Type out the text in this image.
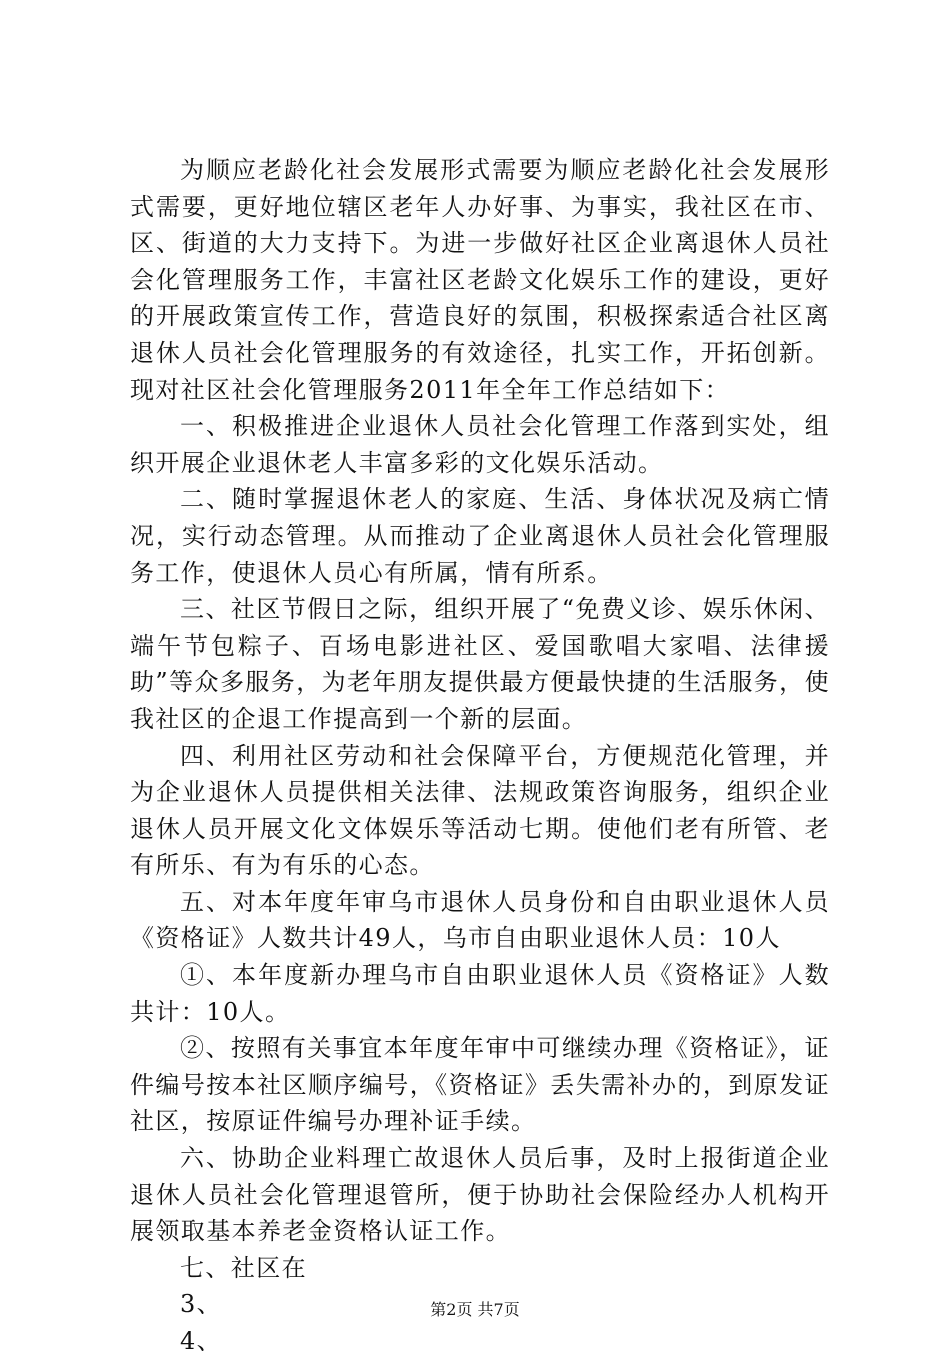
为顺应老龄化社会发展形式需要为顺应老龄化社会发展形式需要，更好地位辖区老年人办好事、为事实，我社区在市、区、街道的大力支持下。为进一步做好社区企业离退休人员社会化管理服务工作，丰富社区老龄文化娱乐工作的建设，更好的开展政策宣传工作，营造良好的氛围，积极探索适合社区离退休人员社会化管理服务的有效途径，扎实工作，开拓创新。现对社区社会化管理服务2011年全年工作总结如下：

一、积极推进企业退休人员社会化管理工作落到实处，组织开展企业退休老人丰富多彩的文化娱乐活动。

二、随时掌握退休老人的家庭、生活、身体状况及病亡情况，实行动态管理。从而推动了企业离退休人员社会化管理服务工作，使退休人员心有所属，情有所系。

三、社区节假日之际，组织开展了“免费义诊、娱乐休闲、端午节包粽子、百场电影进社区、爱国歌唱大家唱、法律援助”等众多服务，为老年朋友提供最方便最快捷的生活服务，使我社区的企退工作提高到一个新的层面。

四、利用社区劳动和社会保障平台，方便规范化管理，并为企业退休人员提供相关法律、法规政策咨询服务，组织企业退休人员开展文化文体娱乐等活动七期。使他们老有所管、老有所乐、有为有乐的心态。

五、对本年度年审乌市退休人员身份和自由职业退休人员《资格证》人数共计49人，乌市自由职业退休人员：10人

①、本年度新办理乌市自由职业退休人员《资格证》人数共计：10人。

②、按照有关事宜本年度年审中可继续办理《资格证》，证件编号按本社区顺序编号，《资格证》丢失需补办的，到原发证社区，按原证件编号办理补证手续。

六、协助企业料理亡故退休人员后事，及时上报街道企业退休人员社会化管理退管所，便于协助社会保险经办人机构开展领取基本养老金资格认证工作。

七、社区在

3、

4、

第2页 共7页
